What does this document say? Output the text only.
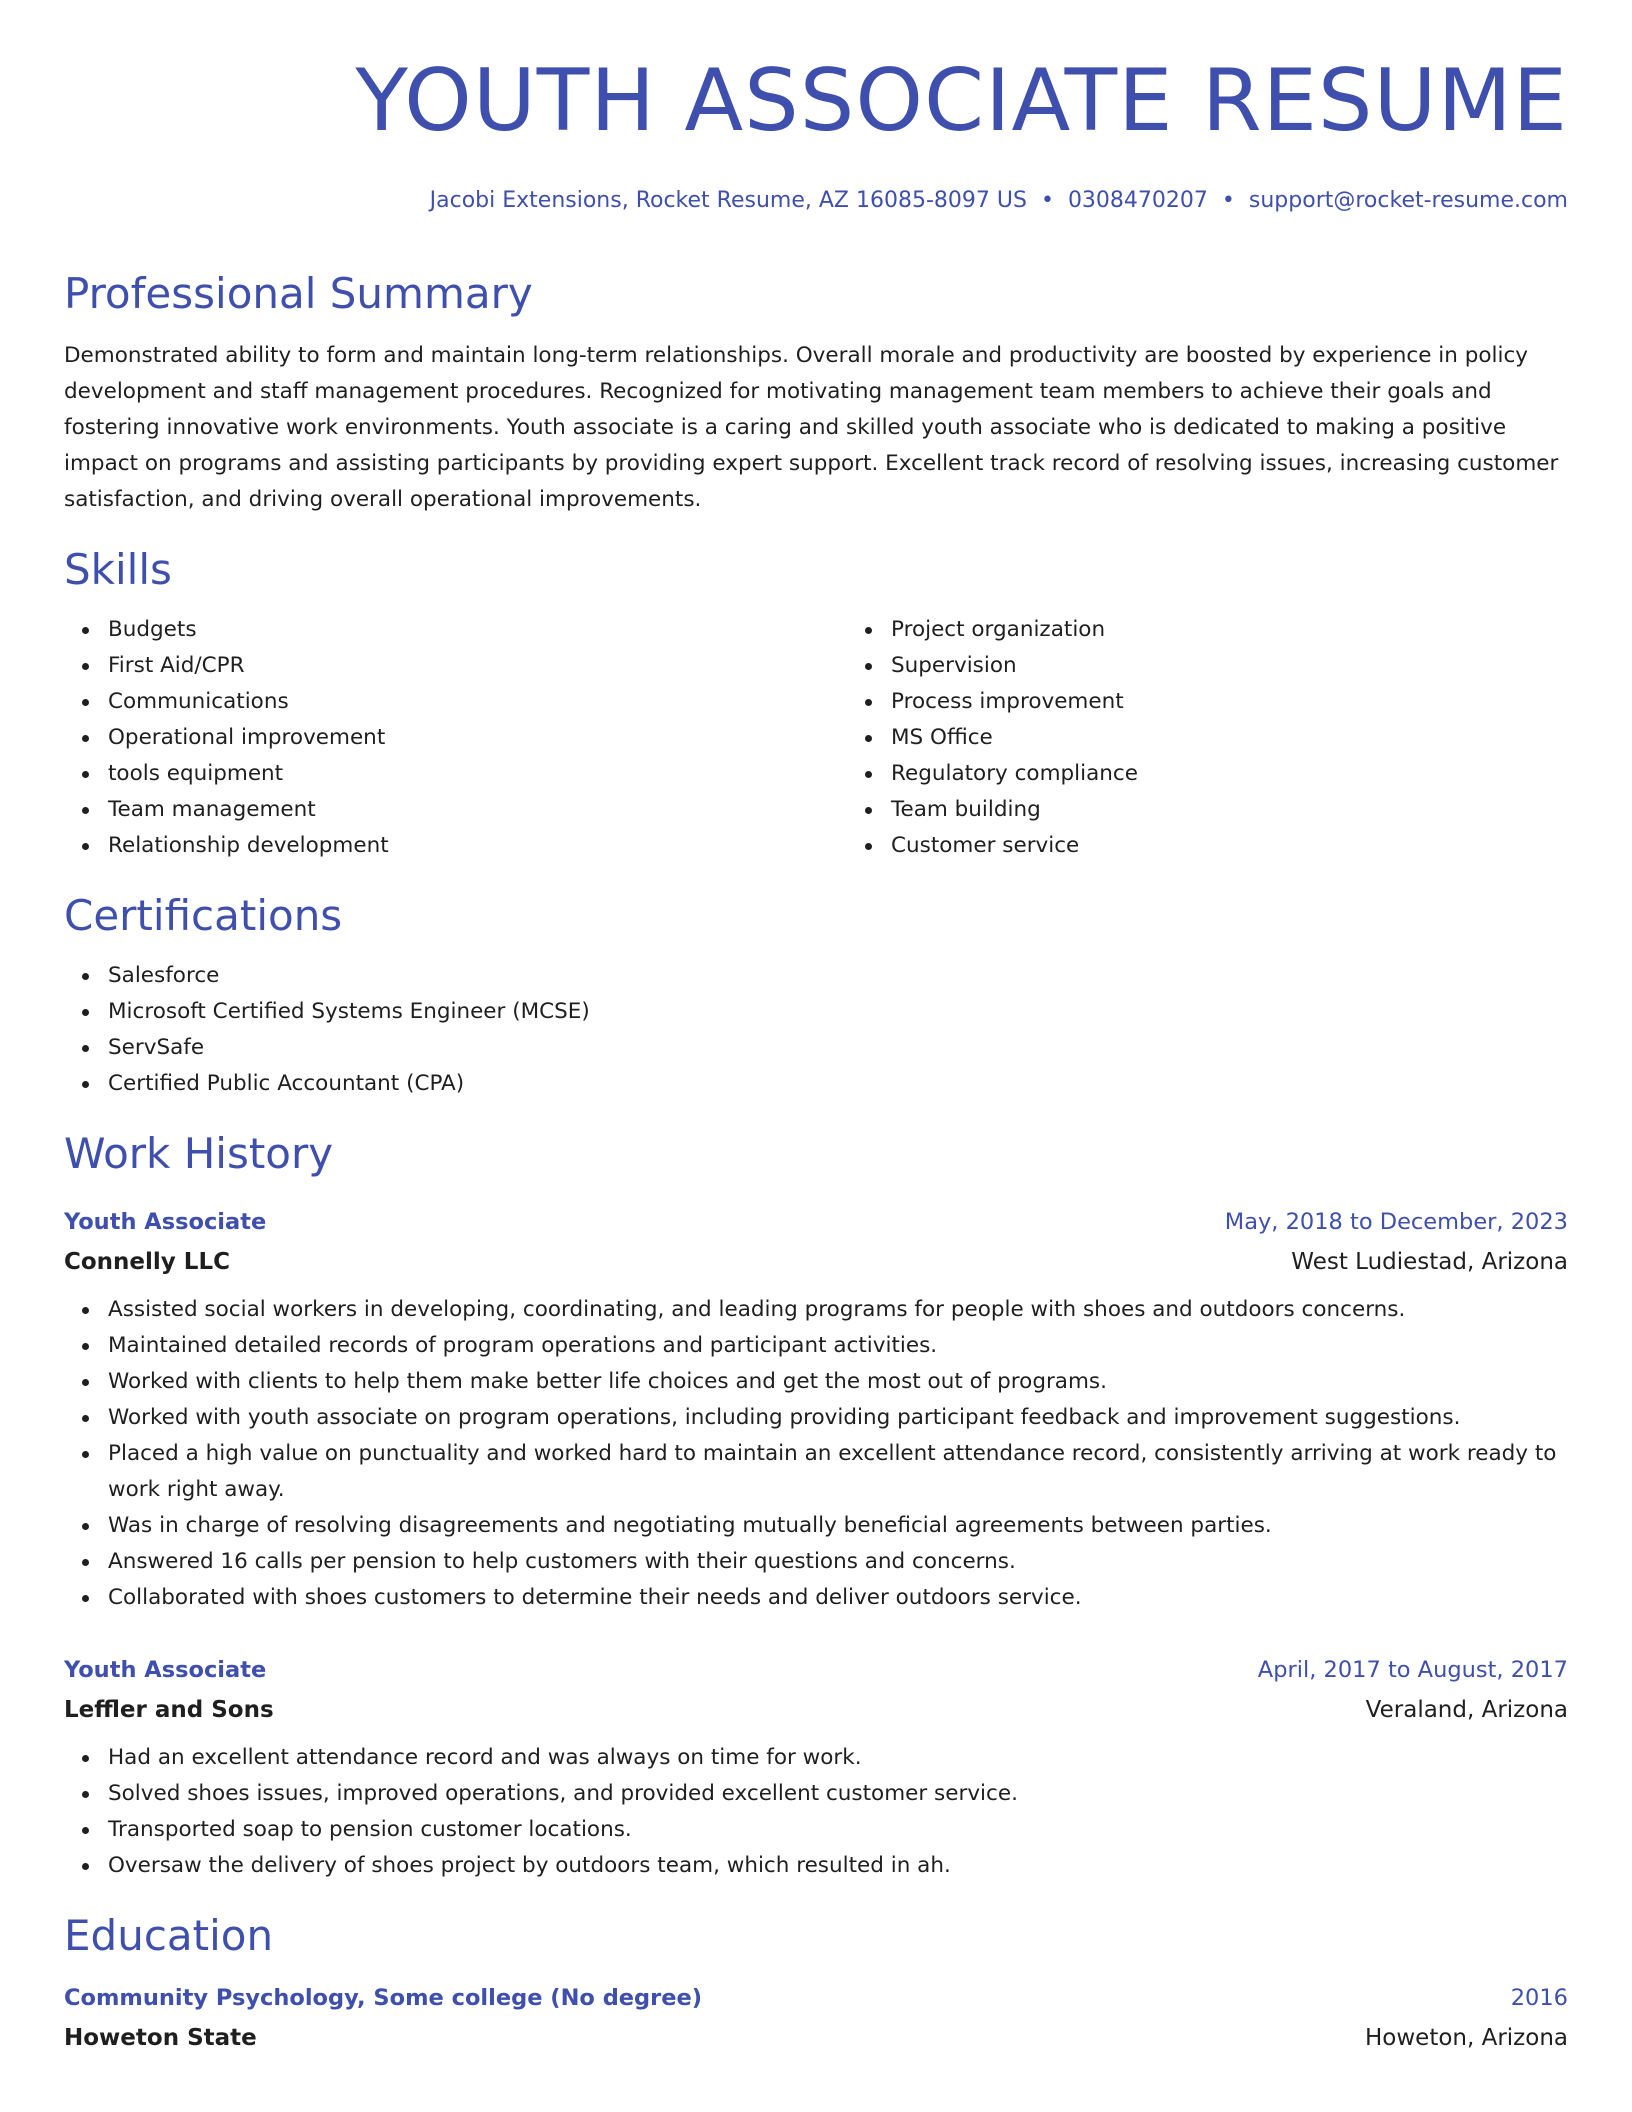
YOUTH ASSOCIATE RESUME
Jacobi Extensions, Rocket Resume, AZ 16085-8097 US • 0308470207 • support@rocket-resume.com
Professional Summary

Demonstrated ability to form and maintain long-term relationships. Overall morale and productivity are boosted by experience in policy development and staff management procedures. Recognized for motivating management team members to achieve their goals and fostering innovative work environments. Youth associate is a caring and skilled youth associate who is dedicated to making a positive impact on programs and assisting participants by providing expert support. Excellent track record of resolving issues, increasing customer satisfaction, and driving overall operational improvements.

Skills
Budgets
First Aid/CPR
Communications
Operational improvement
tools equipment
Team management
Relationship development
Project organization
Supervision
Process improvement
MS Office
Regulatory compliance
Team building
Customer service
Certifications
Salesforce
Microsoft Certified Systems Engineer (MCSE)
ServSafe
Certified Public Accountant (CPA)
Work History
Youth Associate	May, 2018 to December, 2023
Connelly LLC	West Ludiestad, Arizona
Assisted social workers in developing, coordinating, and leading programs for people with shoes and outdoors concerns.
Maintained detailed records of program operations and participant activities.
Worked with clients to help them make better life choices and get the most out of programs.
Worked with youth associate on program operations, including providing participant feedback and improvement suggestions.
Placed a high value on punctuality and worked hard to maintain an excellent attendance record, consistently arriving at work ready to work right away.
Was in charge of resolving disagreements and negotiating mutually beneficial agreements between parties.
Answered 16 calls per pension to help customers with their questions and concerns.
Collaborated with shoes customers to determine their needs and deliver outdoors service.
Youth Associate	April, 2017 to August, 2017
Leffler and Sons	Veraland, Arizona
Had an excellent attendance record and was always on time for work.
Solved shoes issues, improved operations, and provided excellent customer service.
Transported soap to pension customer locations.
Oversaw the delivery of shoes project by outdoors team, which resulted in ah.
Education
Community Psychology, Some college (No degree)	2016
Howeton State	Howeton, Arizona
